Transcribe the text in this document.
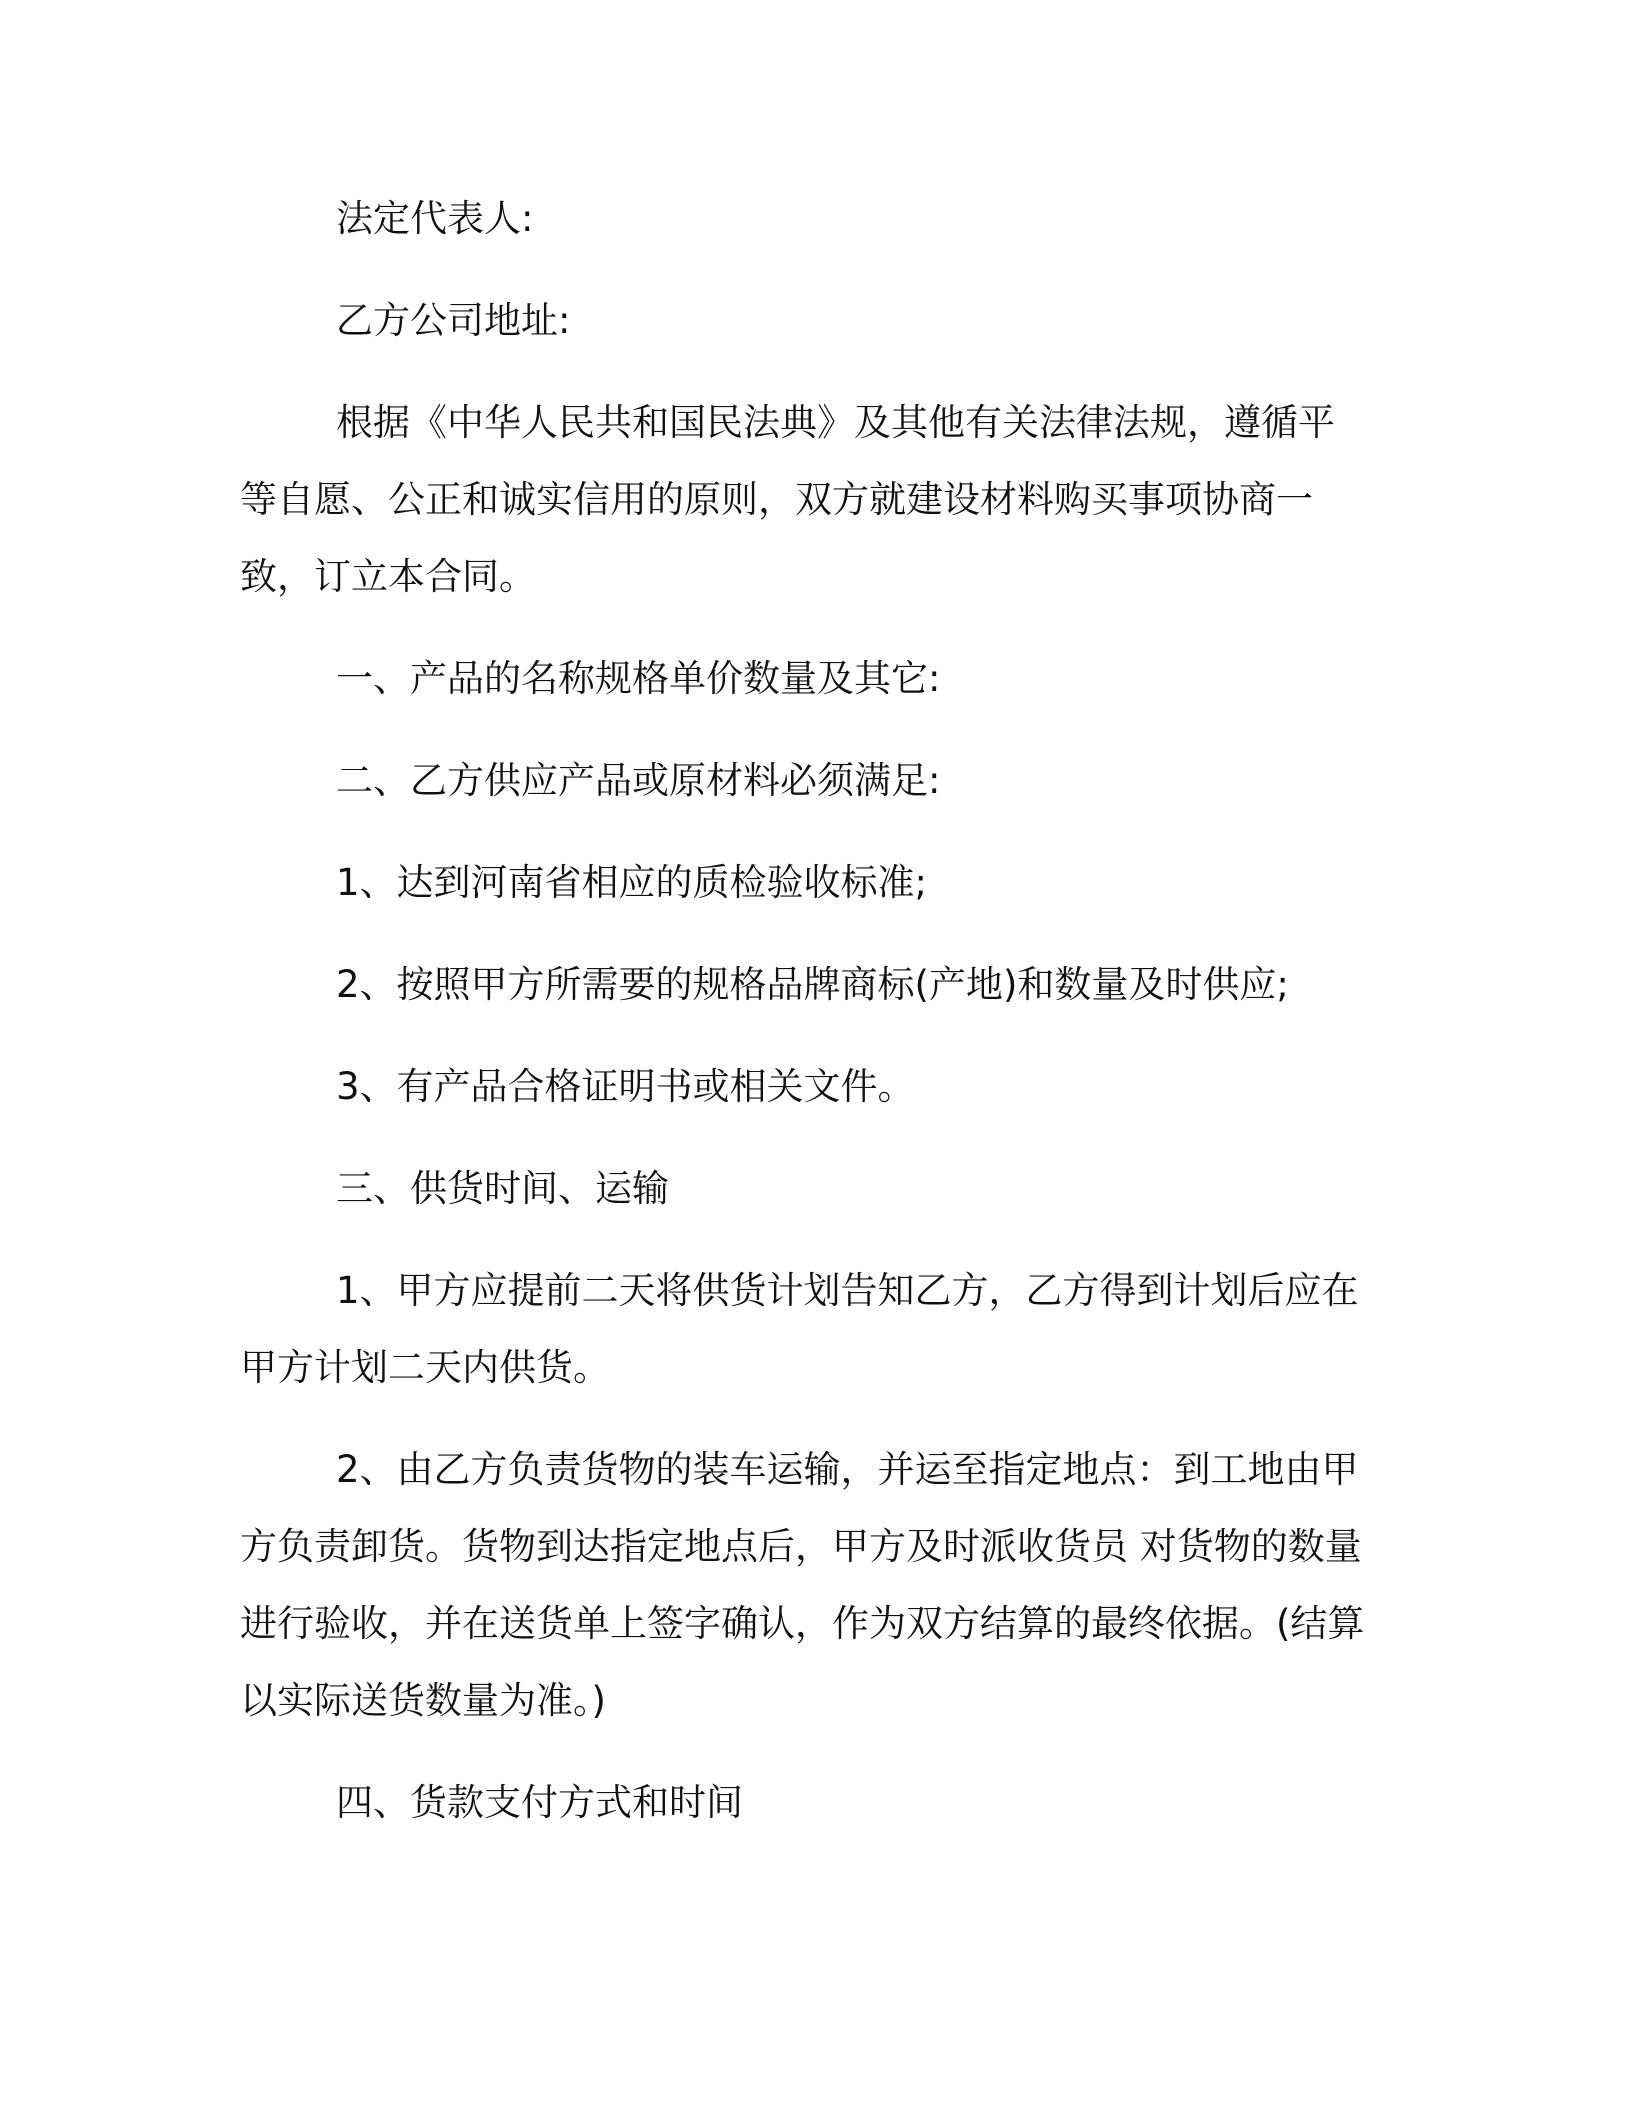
法定代表人:
乙方公司地址:
根据《中华人民共和国民法典》及其他有关法律法规，遵循平等自愿、公正和诚实信用的原则，双方就建设材料购买事项协商一致，订立本合同。
一、产品的名称规格单价数量及其它:
二、乙方供应产品或原材料必须满足:
1、达到河南省相应的质检验收标准;
2、按照甲方所需要的规格品牌商标(产地)和数量及时供应;
3、有产品合格证明书或相关文件。
三、供货时间、运输
1、甲方应提前二天将供货计划告知乙方，乙方得到计划后应在甲方计划二天内供货。
2、由乙方负责货物的装车运输，并运至指定地点：到工地由甲方负责卸货。货物到达指定地点后，甲方及时派收货员 对货物的数量进行验收，并在送货单上签字确认，作为双方结算的最终依据。(结算以实际送货数量为准。)
四、货款支付方式和时间
